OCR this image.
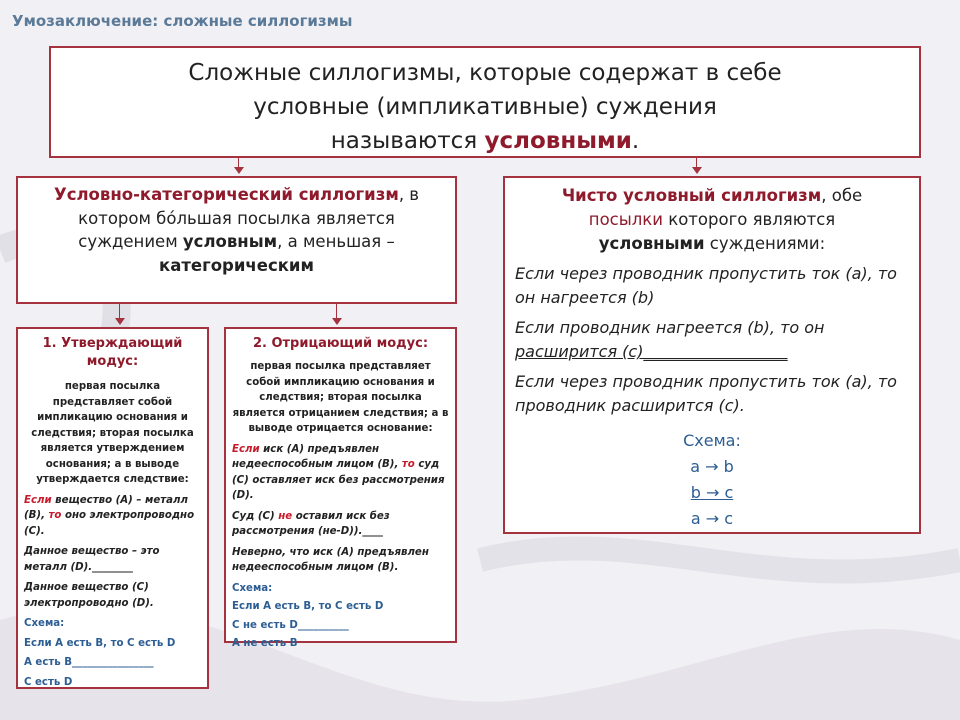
Умозаключение: сложные силлогизмы
Сложные силлогизмы, которые содержат в себе
условные (импликативные) суждения
называются условными.
Условно-категорический силлогизм, в котором бóльшая посылка является суждением условным, а меньшая –
категорическим
Чисто условный силлогизм, обе
посылки которого являются
условными суждениями:

Если через проводник пропустить ток (a), то он нагреется (b)

Если проводник нагреется (b), то он
расширится (c)__________________

Если через проводник пропустить ток (a), то проводник расширится (c).

Схема:
a → b
b → c
a → c
1. Утверждающий модус:
первая посылка представляет собой импликацию основания и следствия; вторая посылка является утверждением основания; а в выводе утверждается следствие:

Если вещество (А) – металл (В), то оно электропроводно (С).

Данное вещество – это металл (D).________

Данное вещество (С) электропроводно (D).

Схема:
Если А есть В, то С есть D
А есть В________________
С есть D
2. Отрицающий модус:
первая посылка представляет собой импликацию основания и следствия; вторая посылка является отрицанием следствия; а в выводе отрицается основание:

Если иск (А) предъявлен недееспособным лицом (В), то суд (С) оставляет иск без рассмотрения (D).

Суд (С) не оставил иск без рассмотрения (не-D)).____

Неверно, что иск (А) предъявлен недееспособным лицом (В).

Схема:
Если А есть В, то С есть D
С не есть D__________
А не есть В
